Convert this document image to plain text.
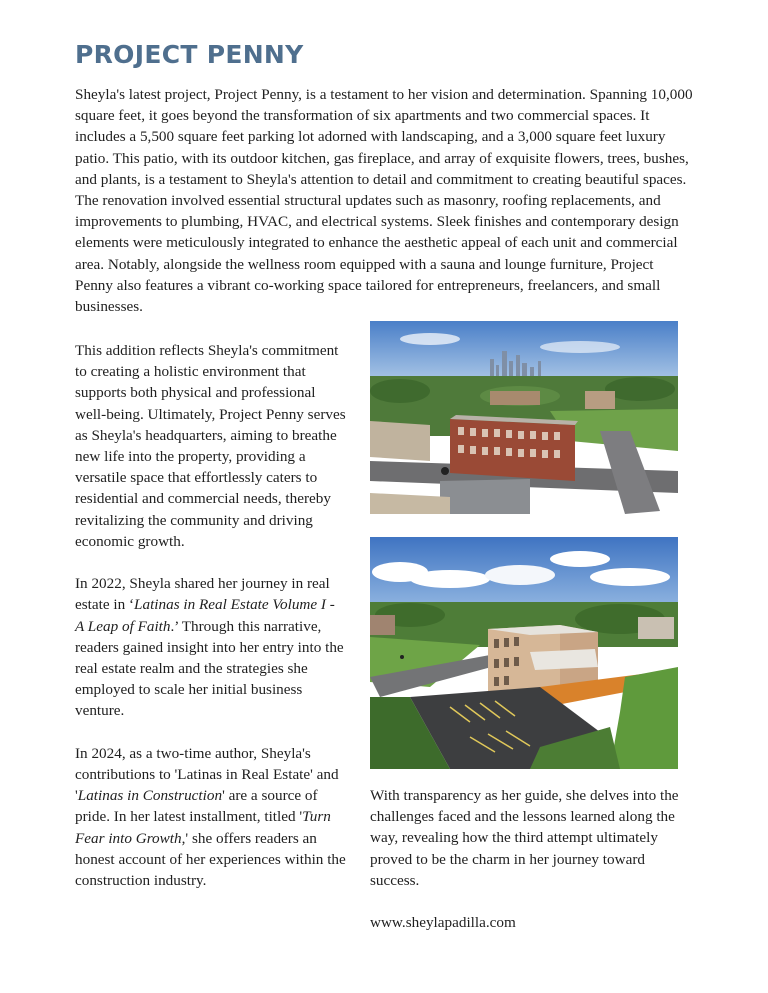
PROJECT PENNY

Sheyla's latest project, Project Penny, is a testament to her vision and determination. Spanning 10,000 square feet, it goes beyond the transformation of six apartments and two commercial spaces. It includes a 5,500 square feet parking lot adorned with landscaping, and a 3,000 square feet luxury patio. This patio, with its outdoor kitchen, gas fireplace, and array of exquisite flowers, trees, bushes, and plants, is a testament to Sheyla's attention to detail and commitment to creating beautiful spaces. The renovation involved essential structural updates such as masonry, roofing replacements, and improvements to plumbing, HVAC, and electrical systems. Sleek finishes and contemporary design elements were meticulously integrated to enhance the aesthetic appeal of each unit and commercial area. Notably, alongside the wellness room equipped with a sauna and lounge furniture, Project Penny also features a vibrant co-working space tailored for entrepreneurs, freelancers, and small businesses.

This addition reflects Sheyla's commitment to creating a holistic environment that supports both physical and professional well-being. Ultimately, Project Penny serves as Sheyla's headquarters, aiming to breathe new life into the property, providing a versatile space that effortlessly caters to residential and commercial needs, thereby revitalizing the community and driving economic growth.

In 2022, Sheyla shared her journey in real estate in ‘Latinas in Real Estate Volume I - A Leap of Faith.’ Through this narrative, readers gained insight into her entry into the real estate realm and the strategies she employed to scale her initial business venture.

In 2024, as a two-time author, Sheyla's contributions to 'Latinas in Real Estate' and 'Latinas in Construction' are a source of pride. In her latest installment, titled 'Turn Fear into Growth,' she offers readers an honest account of her experiences within the construction industry.

With transparency as her guide, she delves into the challenges faced and the lessons learned along the way, revealing how the third attempt ultimately proved to be the charm in her journey toward success.

www.sheylapadilla.com
